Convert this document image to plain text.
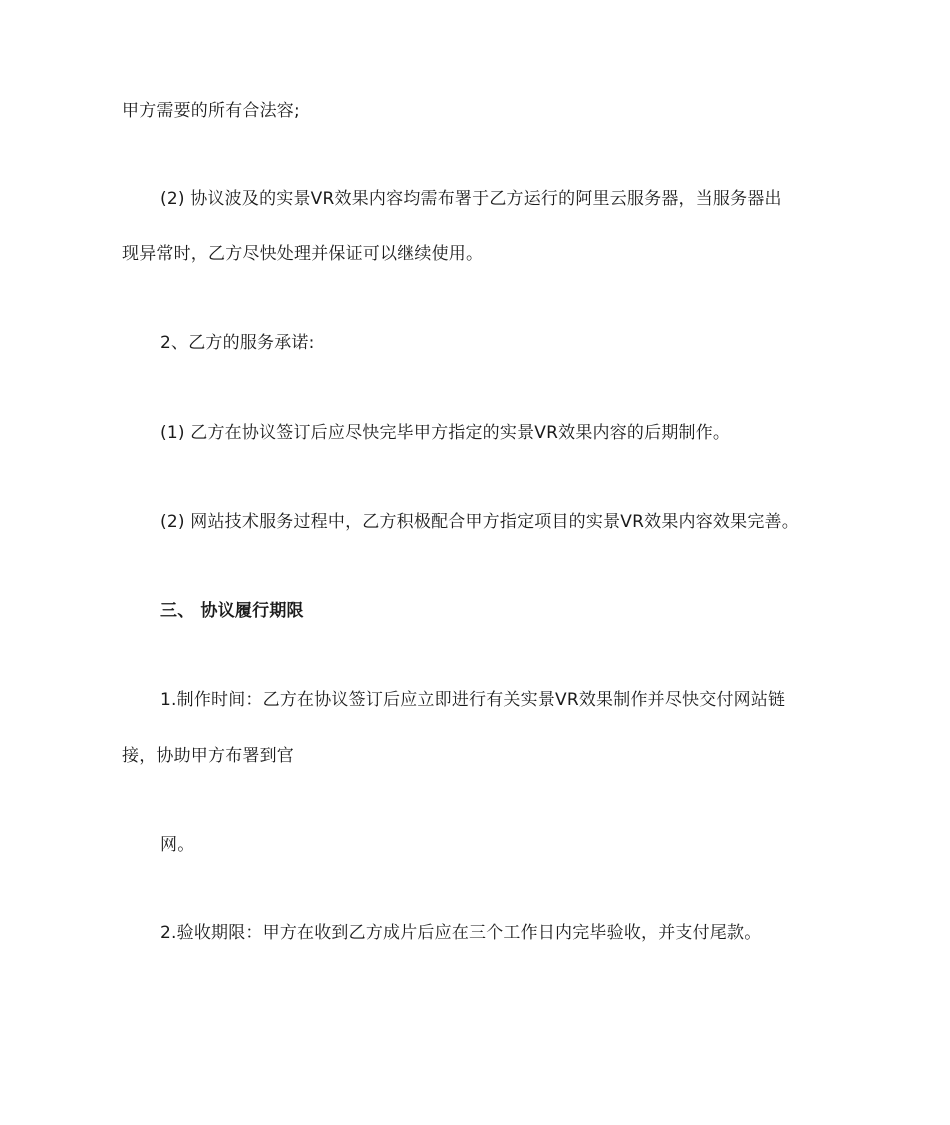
甲方需要的所有合法容;
(2) 协议波及的实景VR效果内容均需布署于乙方运行的阿里云服务器，当服务器出
现异常时，乙方尽快处理并保证可以继续使用。
2、乙方的服务承诺:
(1) 乙方在协议签订后应尽快完毕甲方指定的实景VR效果内容的后期制作。
(2) 网站技术服务过程中，乙方积极配合甲方指定项目的实景VR效果内容效果完善。
三、 协议履行期限
1.制作时间：乙方在协议签订后应立即进行有关实景VR效果制作并尽快交付网站链
接，协助甲方布署到官
网。
2.验收期限：甲方在收到乙方成片后应在三个工作日内完毕验收，并支付尾款。
